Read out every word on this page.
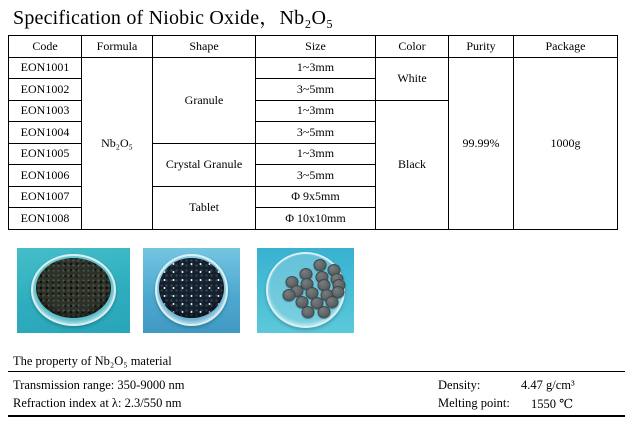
Specification of Niobic Oxide，Nb₂O₅
Code	Formula	Shape	Size	Color	Purity	Package
EON1001	Nb₂O₅	Granule	1~3mm	White	99.99%	1000g
EON1002			3~5mm			
EON1003			1~3mm	Black		
EON1004			3~5mm			
EON1005		Crystal Granule	1~3mm			
EON1006			3~5mm			
EON1007		Tablet	Φ 9x5mm			
EON1008			Φ 10x10mm			
The property of Nb₂O₅ material
Transmission range: 350-9000 nm	Density:	4.47 g/cm³
Refraction index at λ: 2.3/550 nm	Melting point: 1550 ℃
